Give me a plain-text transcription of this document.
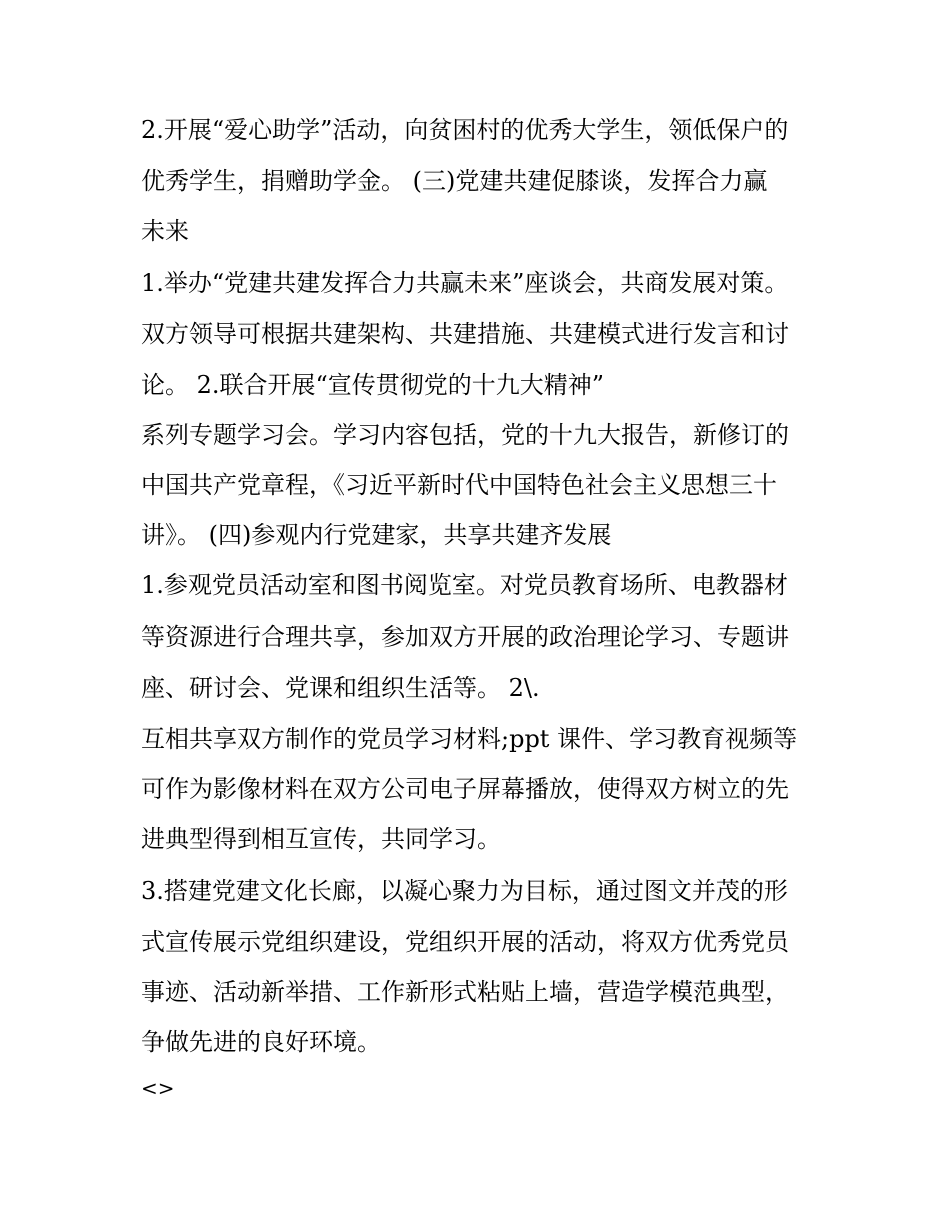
2.开展“爱心助学”活动，向贫困村的优秀大学生，领低保户的
优秀学生，捐赠助学金。 (三)党建共建促膝谈，发挥合力赢
未来
1.举办“党建共建发挥合力共赢未来”座谈会，共商发展对策。
双方领导可根据共建架构、共建措施、共建模式进行发言和讨
论。 2.联合开展“宣传贯彻党的十九大精神”
系列专题学习会。学习内容包括，党的十九大报告，新修订的
中国共产党章程，《习近平新时代中国特色社会主义思想三十
讲》。 (四)参观内行党建家，共享共建齐发展
1.参观党员活动室和图书阅览室。对党员教育场所、电教器材
等资源进行合理共享，参加双方开展的政治理论学习、专题讲
座、研讨会、党课和组织生活等。 2\.
互相共享双方制作的党员学习材料;ppt 课件、学习教育视频等
可作为影像材料在双方公司电子屏幕播放，使得双方树立的先
进典型得到相互宣传，共同学习。
3.搭建党建文化长廊，以凝心聚力为目标，通过图文并茂的形
式宣传展示党组织建设，党组织开展的活动，将双方优秀党员
事迹、活动新举措、工作新形式粘贴上墙，营造学模范典型，
争做先进的良好环境。
<>
